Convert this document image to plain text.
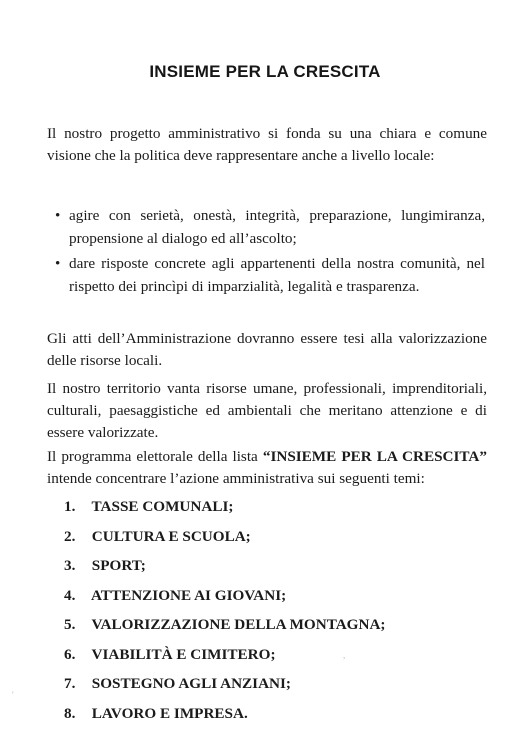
INSIEME PER LA CRESCITA

Il nostro progetto amministrativo si fonda su una chiara e comune visione che la politica deve rappresentare anche a livello locale:

• agire con serietà, onestà, integrità, preparazione, lungimiranza, propensione al dialogo ed all’ascolto;
• dare risposte concrete agli appartenenti della nostra comunità, nel rispetto dei princìpi di imparzialità, legalità e trasparenza.

Gli atti dell’Amministrazione dovranno essere tesi alla valorizzazione delle risorse locali.

Il nostro territorio vanta risorse umane, professionali, imprenditoriali, culturali, paesaggistiche ed ambientali che meritano attenzione e di essere valorizzate.

Il programma elettorale della lista “INSIEME PER LA CRESCITA” intende concentrare l’azione amministrativa sui seguenti temi:

1. TASSE COMUNALI;
2. CULTURA E SCUOLA;
3. SPORT;
4. ATTENZIONE AI GIOVANI;
5. VALORIZZAZIONE DELLA MONTAGNA;
6. VIABILITÀ E CIMITERO;
7. SOSTEGNO AGLI ANZIANI;
8. LAVORO E IMPRESA.
,
'
